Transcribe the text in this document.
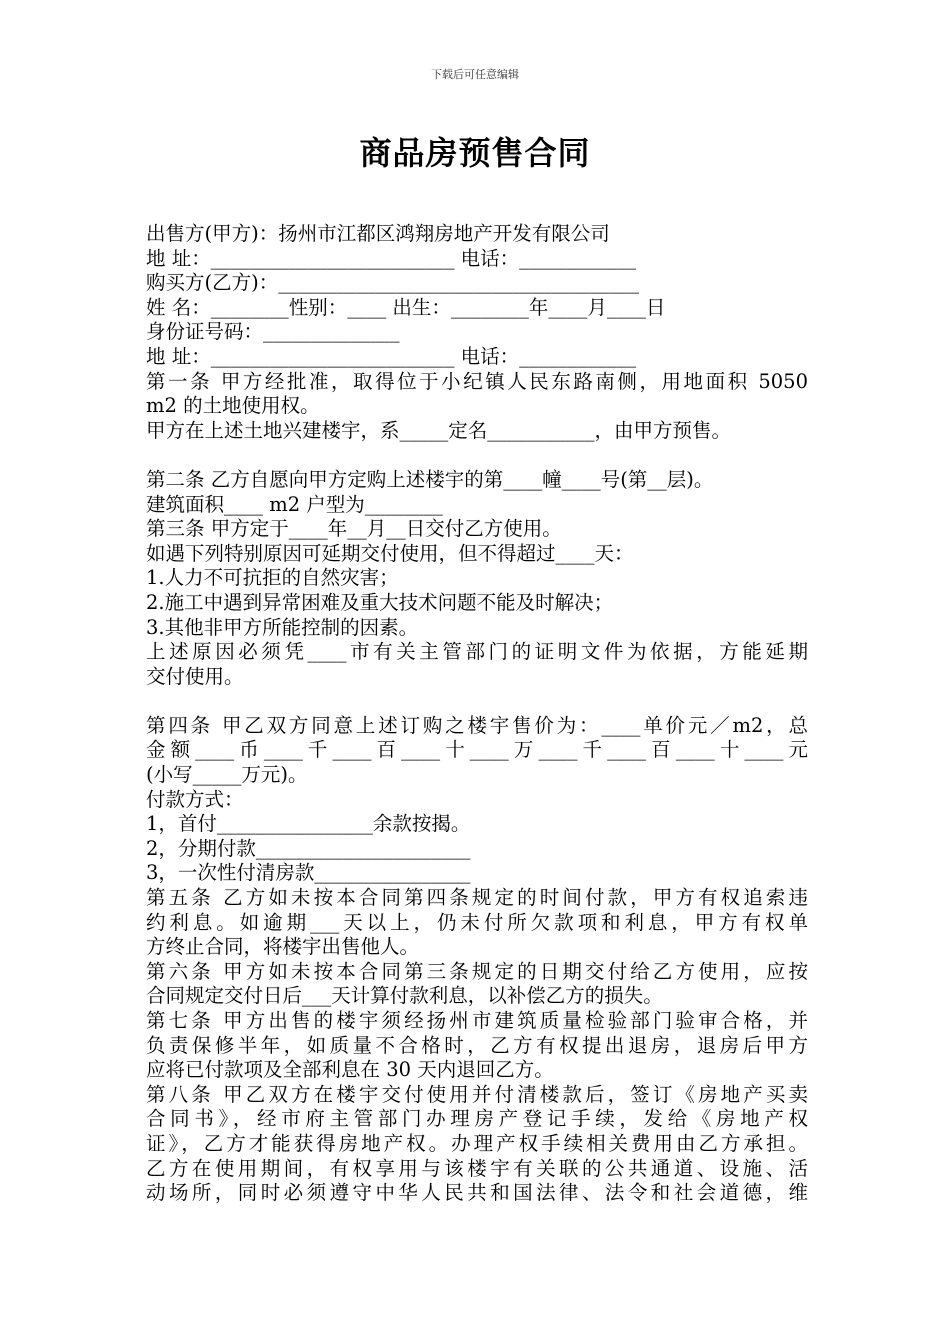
下载后可任意编辑
商品房预售合同
出售方(甲方)：扬州市江都区鸿翔房地产开发有限公司
地 址：_________________________ 电话：____________
购买方(乙方)：_____________________________________
姓 名：________性别：____ 出生：________年____月____日
身份证号码：______________
地 址：_________________________ 电话：____________
第一条 甲方经批准，取得位于小纪镇人民东路南侧，用地面积 5050
m2 的土地使用权。
甲方在上述土地兴建楼宇，系_____定名___________，由甲方预售。
第二条 乙方自愿向甲方定购上述楼宇的第____幢____号(第__层)。
建筑面积____ m2 户型为________
第三条 甲方定于____年__月__日交付乙方使用。
如遇下列特别原因可延期交付使用，但不得超过____天：
1.人力不可抗拒的自然灾害；
2.施工中遇到异常困难及重大技术问题不能及时解决；
3.其他非甲方所能控制的因素。
上述原因必须凭____市有关主管部门的证明文件为依据，方能延期
交付使用。
第四条 甲乙双方同意上述订购之楼宇售价为：____单价元／m2，总
金额____币____千____百____十____万____千____百____十____元
(小写_____万元)。
付款方式：
1，首付________________余款按揭。
2，分期付款______________________
3，一次性付清房款________________
第五条 乙方如未按本合同第四条规定的时间付款，甲方有权追索违
约利息。如逾期___天以上，仍未付所欠款项和利息，甲方有权单
方终止合同，将楼宇出售他人。
第六条 甲方如未按本合同第三条规定的日期交付给乙方使用，应按
合同规定交付日后___天计算付款利息，以补偿乙方的损失。
第七条 甲方出售的楼宇须经扬州市建筑质量检验部门验审合格，并
负责保修半年，如质量不合格时，乙方有权提出退房，退房后甲方
应将已付款项及全部利息在 30 天内退回乙方。
第八条 甲乙双方在楼宇交付使用并付清楼款后，签订《房地产买卖
合同书》，经市府主管部门办理房产登记手续，发给《房地产权
证》，乙方才能获得房地产权。办理产权手续相关费用由乙方承担。
乙方在使用期间，有权享用与该楼宇有关联的公共通道、设施、活
动场所，同时必须遵守中华人民共和国法律、法令和社会道德，维
